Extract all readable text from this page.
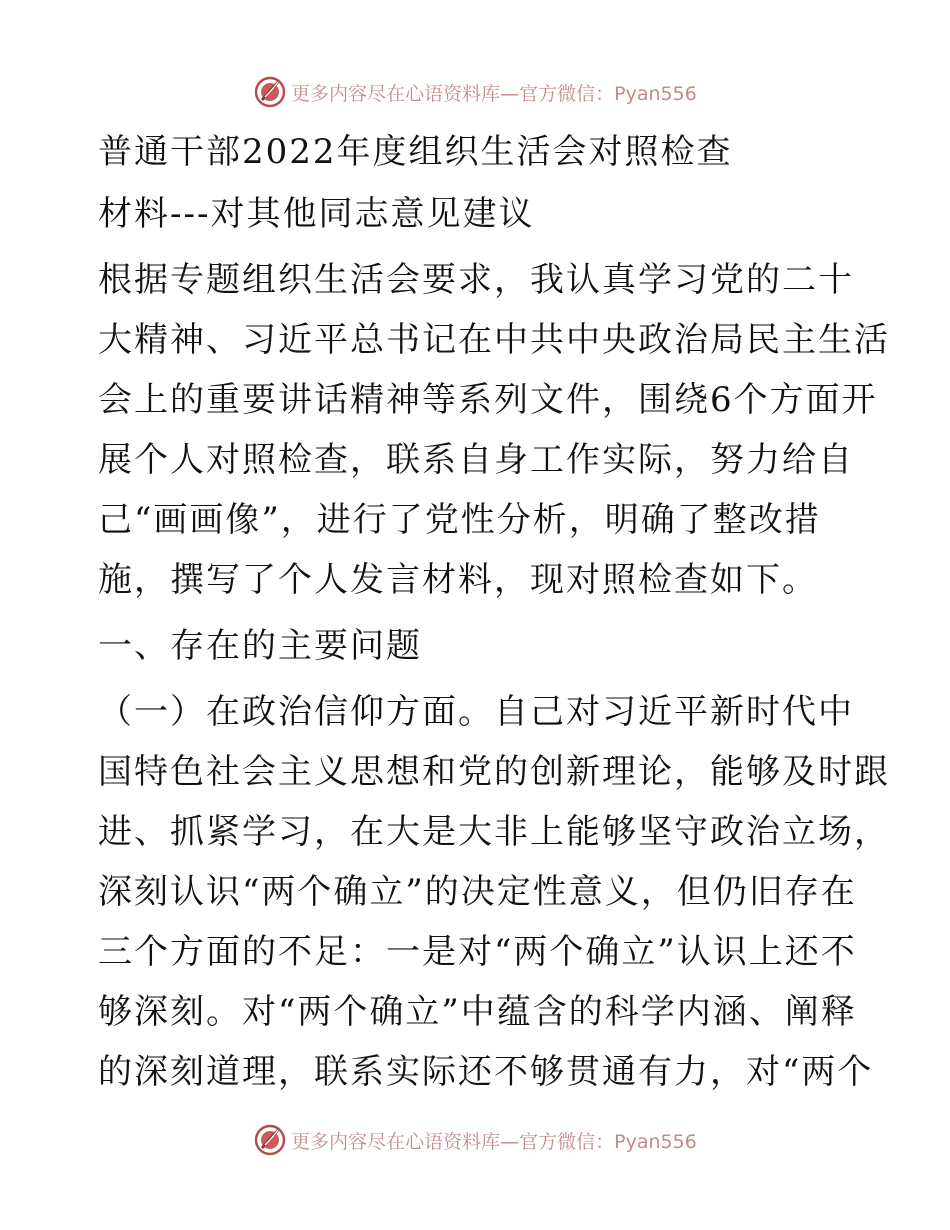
更多内容尽在心语资料库—官方微信：Pyan556
普通干部2022年度组织生活会对照检查
材料---对其他同志意见建议
根据专题组织生活会要求，我认真学习党的二十
大精神、习近平总书记在中共中央政治局民主生活
会上的重要讲话精神等系列文件，围绕6个方面开
展个人对照检查，联系自身工作实际，努力给自
己“画画像”，进行了党性分析，明确了整改措
施，撰写了个人发言材料，现对照检查如下。
一、存在的主要问题
（一）在政治信仰方面。自己对习近平新时代中
国特色社会主义思想和党的创新理论，能够及时跟
进、抓紧学习，在大是大非上能够坚守政治立场，
深刻认识“两个确立”的决定性意义，但仍旧存在
三个方面的不足：一是对“两个确立”认识上还不
够深刻。对“两个确立”中蕴含的科学内涵、阐释
的深刻道理，联系实际还不够贯通有力，对“两个
更多内容尽在心语资料库—官方微信：Pyan556
